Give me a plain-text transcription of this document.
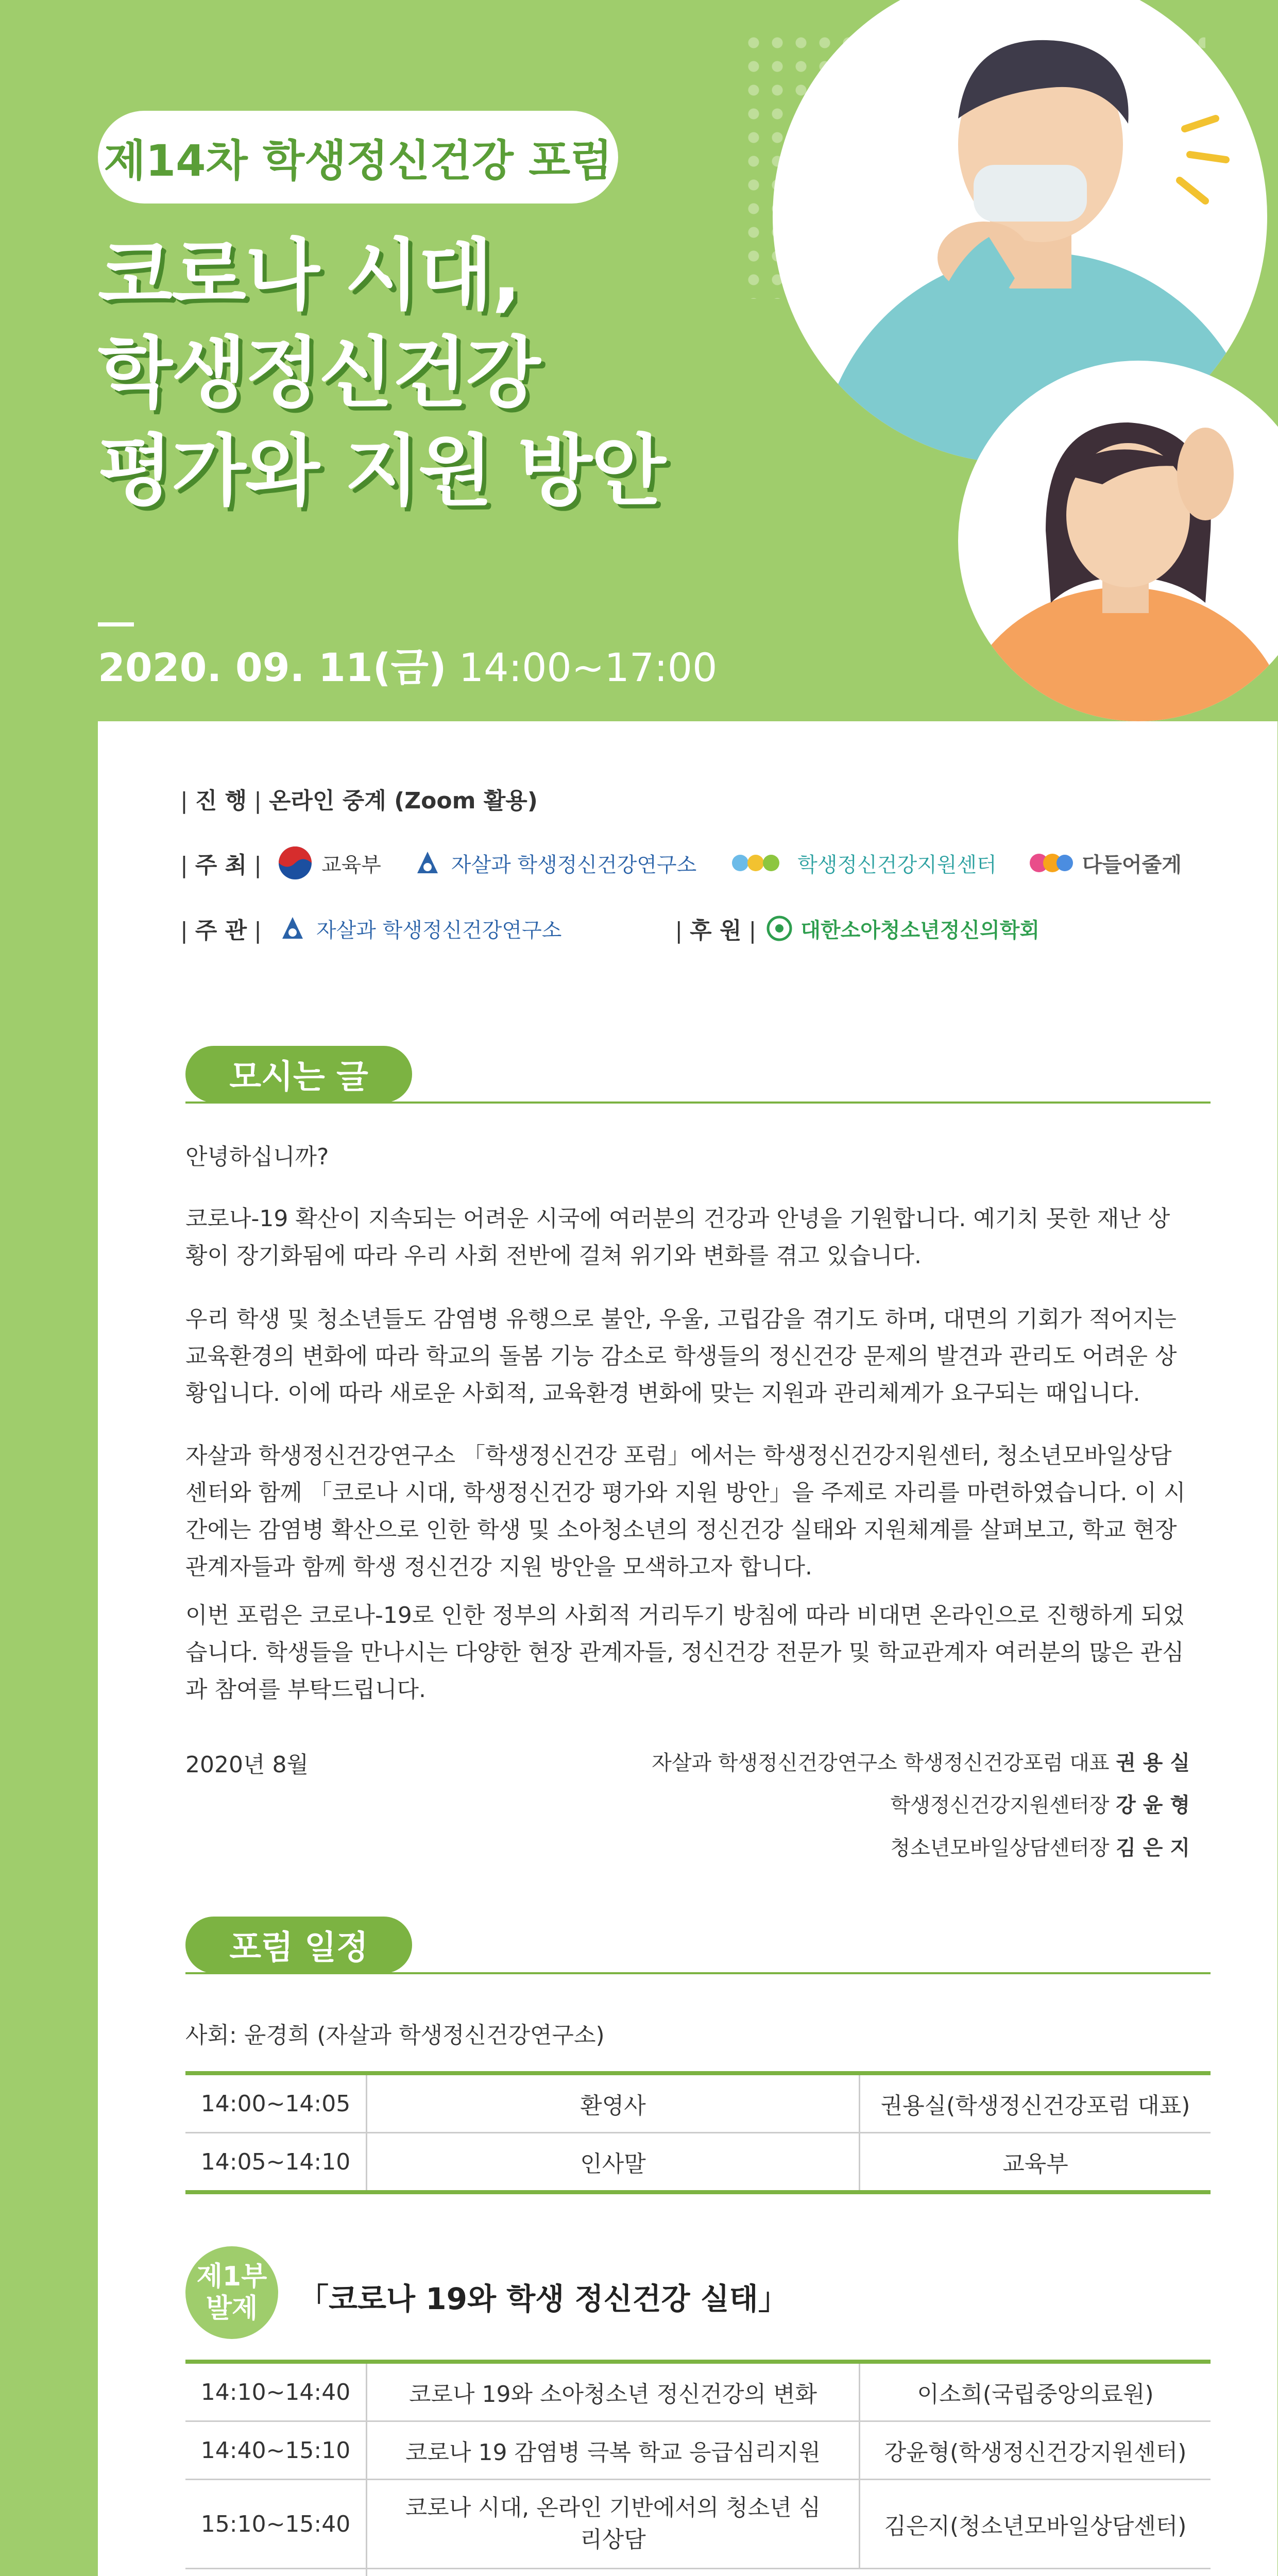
제14차 학생정신건강 포럼
코로나 시대,
학생정신건강
평가와 지원 방안
2020. 09. 11(금) 14:00~17:00
| 진 행 | 온라인 중계 (Zoom 활용)
| 주 최 |	교육부	자살과 학생정신건강연구소	학생정신건강지원센터	다들어줄게
| 주 관 |	자살과 학생정신건강연구소	| 후 원 | 대한소아청소년정신의학회
모시는 글

안녕하십니까?

코로나-19 확산이 지속되는 어려운 시국에 여러분의 건강과 안녕을 기원합니다. 예기치 못한 재난 상황이 장기화됨에 따라 우리 사회 전반에 걸쳐 위기와 변화를 겪고 있습니다.

우리 학생 및 청소년들도 감염병 유행으로 불안, 우울, 고립감을 겪기도 하며, 대면의 기회가 적어지는 교육환경의 변화에 따라 학교의 돌봄 기능 감소로 학생들의 정신건강 문제의 발견과 관리도 어려운 상황입니다. 이에 따라 새로운 사회적, 교육환경 변화에 맞는 지원과 관리체계가 요구되는 때입니다.

자살과 학생정신건강연구소 「학생정신건강 포럼」에서는 학생정신건강지원센터, 청소년모바일상담센터와 함께 「코로나 시대, 학생정신건강 평가와 지원 방안」을 주제로 자리를 마련하였습니다. 이 시간에는 감염병 확산으로 인한 학생 및 소아청소년의 정신건강 실태와 지원체계를 살펴보고, 학교 현장 관계자들과 함께 학생 정신건강 지원 방안을 모색하고자 합니다.

이번 포럼은 코로나-19로 인한 정부의 사회적 거리두기 방침에 따라 비대면 온라인으로 진행하게 되었습니다. 학생들을 만나시는 다양한 현장 관계자들, 정신건강 전문가 및 학교관계자 여러분의 많은 관심과 참여를 부탁드립니다.

2020년 8월	자살과 학생정신건강연구소 학생정신건강포럼 대표 권 용 실
학생정신건강지원센터장 강 윤 형
청소년모바일상담센터장 김 은 지
포럼 일정
사회: 윤경희 (자살과 학생정신건강연구소)
14:00~14:05	환영사	권용실(학생정신건강포럼 대표)
14:05~14:10	인사말	교육부
제1부
발제	「코로나 19와 학생 정신건강 실태」
14:10~14:40	코로나 19와 소아청소년 정신건강의 변화	이소희(국립중앙의료원)
14:40~15:10	코로나 19 감염병 극복 학교 응급심리지원	강윤형(학생정신건강지원센터)
15:10~15:40	코로나 시대, 온라인 기반에서의 청소년 심리상담	김은지(청소년모바일상담센터)
